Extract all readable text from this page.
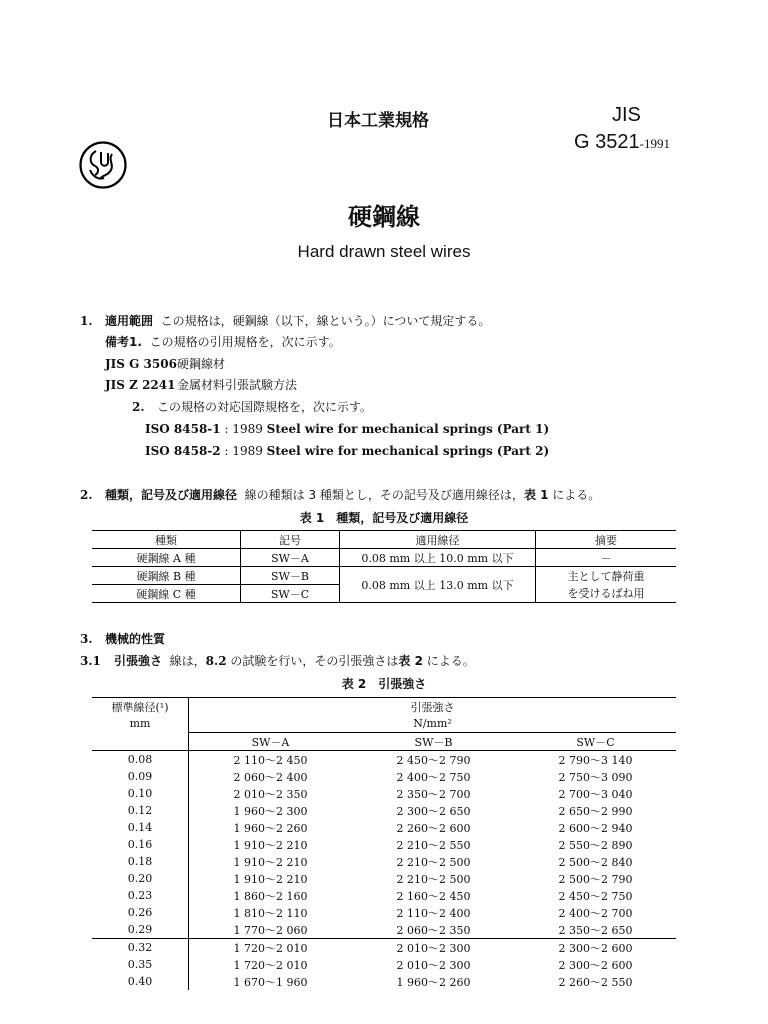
日本工業規格	JIS
G 3521-1991
硬鋼線
Hard drawn steel wires
1. 適用範囲 この規格は，硬鋼線（以下，線という。）について規定する。
備考1. この規格の引用規格を，次に示す。
JIS G 3506硬鋼線材
JIS Z 2241 金属材料引張試験方法
2. この規格の対応国際規格を，次に示す。
ISO 8458-1 : 1989 Steel wire for mechanical springs (Part 1)
ISO 8458-2 : 1989 Steel wire for mechanical springs (Part 2)
2. 種類，記号及び適用線径 線の種類は 3 種類とし，その記号及び適用線径は，表 1 による。
表 1　種類，記号及び適用線径
種類	記号	適用線径	摘要
硬鋼線 A 種	SW－A	0.08 mm 以上 10.0 mm 以下	－
硬鋼線 B 種	SW－B	0.08 mm 以上 13.0 mm 以下	主として静荷重
を受けるばね用
硬鋼線 C 種	SW－C		
3. 機械的性質
3.1 引張強さ 線は，8.2 の試験を行い，その引張強さは表 2 による。
表 2　引張強さ
標準線径(¹)	引張強さ		
mm	N/mm²		
	SW－A	SW－B	SW－C
0.08	2 110～2 450	2 450～2 790	2 790～3 140
0.09	2 060～2 400	2 400～2 750	2 750～3 090
0.10	2 010～2 350	2 350～2 700	2 700～3 040
0.12	1 960～2 300	2 300～2 650	2 650～2 990
0.14	1 960～2 260	2 260～2 600	2 600～2 940
0.16	1 910～2 210	2 210～2 550	2 550～2 890
0.18	1 910～2 210	2 210～2 500	2 500～2 840
0.20	1 910～2 210	2 210～2 500	2 500～2 790
0.23	1 860～2 160	2 160～2 450	2 450～2 750
0.26	1 810～2 110	2 110～2 400	2 400～2 700
0.29	1 770～2 060	2 060～2 350	2 350～2 650
0.32	1 720～2 010	2 010～2 300	2 300～2 600
0.35	1 720～2 010	2 010～2 300	2 300～2 600
0.40	1 670～1 960	1 960～2 260	2 260～2 550
